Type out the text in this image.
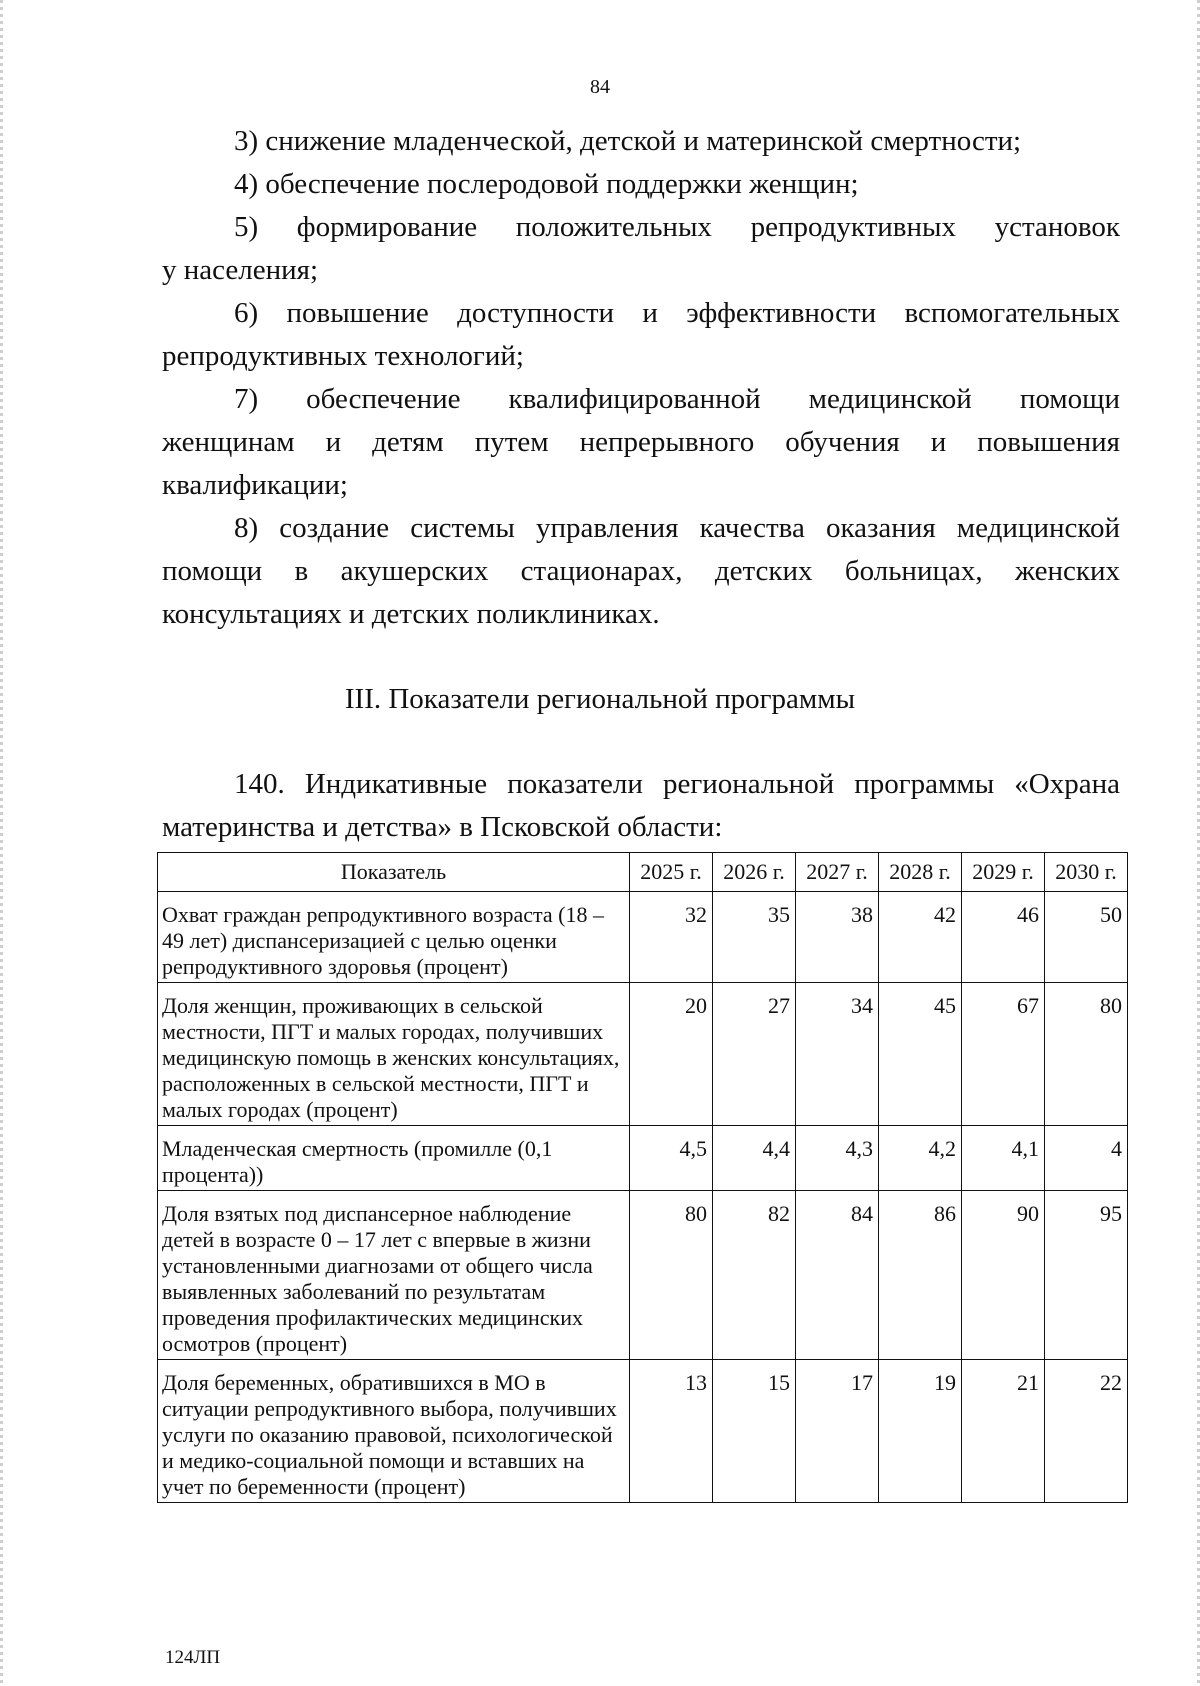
84

3) снижение младенческой, детской и материнской смертности;

4) обеспечение послеродовой поддержки женщин;

5) формирование положительных репродуктивных установок
у населения;

6) повышение доступности и эффективности вспомогательных
репродуктивных технологий;

7) обеспечение квалифицированной медицинской помощи
женщинам и детям путем непрерывного обучения и повышения
квалификации;

8) создание системы управления качества оказания медицинской
помощи в акушерских стационарах, детских больницах, женских
консультациях и детских поликлиниках.

III. Показатели региональной программы

140. Индикативные показатели региональной программы «Охрана
материнства и детства» в Псковской области:

Показатель	2025 г.	2026 г.	2027 г.	2028 г.	2029 г.	2030 г.
Охват граждан репродуктивного возраста (18 – 49 лет) диспансеризацией с целью оценки репродуктивного здоровья (процент)	32	35	38	42	46	50
Доля женщин, проживающих в сельской местности, ПГТ и малых городах, получивших медицинскую помощь в женских консультациях, расположенных в сельской местности, ПГТ и малых городах (процент)	20	27	34	45	67	80
Младенческая смертность (промилле (0,1 процента))	4,5	4,4	4,3	4,2	4,1	4
Доля взятых под диспансерное наблюдение детей в возрасте 0 – 17 лет с впервые в жизни установленными диагнозами от общего числа выявленных заболеваний по результатам проведения профилактических медицинских осмотров (процент)	80	82	84	86	90	95
Доля беременных, обратившихся в МО в ситуации репродуктивного выбора, получивших услуги по оказанию правовой, психологической и медико-социальной помощи и вставших на учет по беременности (процент)	13	15	17	19	21	22
124ЛП
